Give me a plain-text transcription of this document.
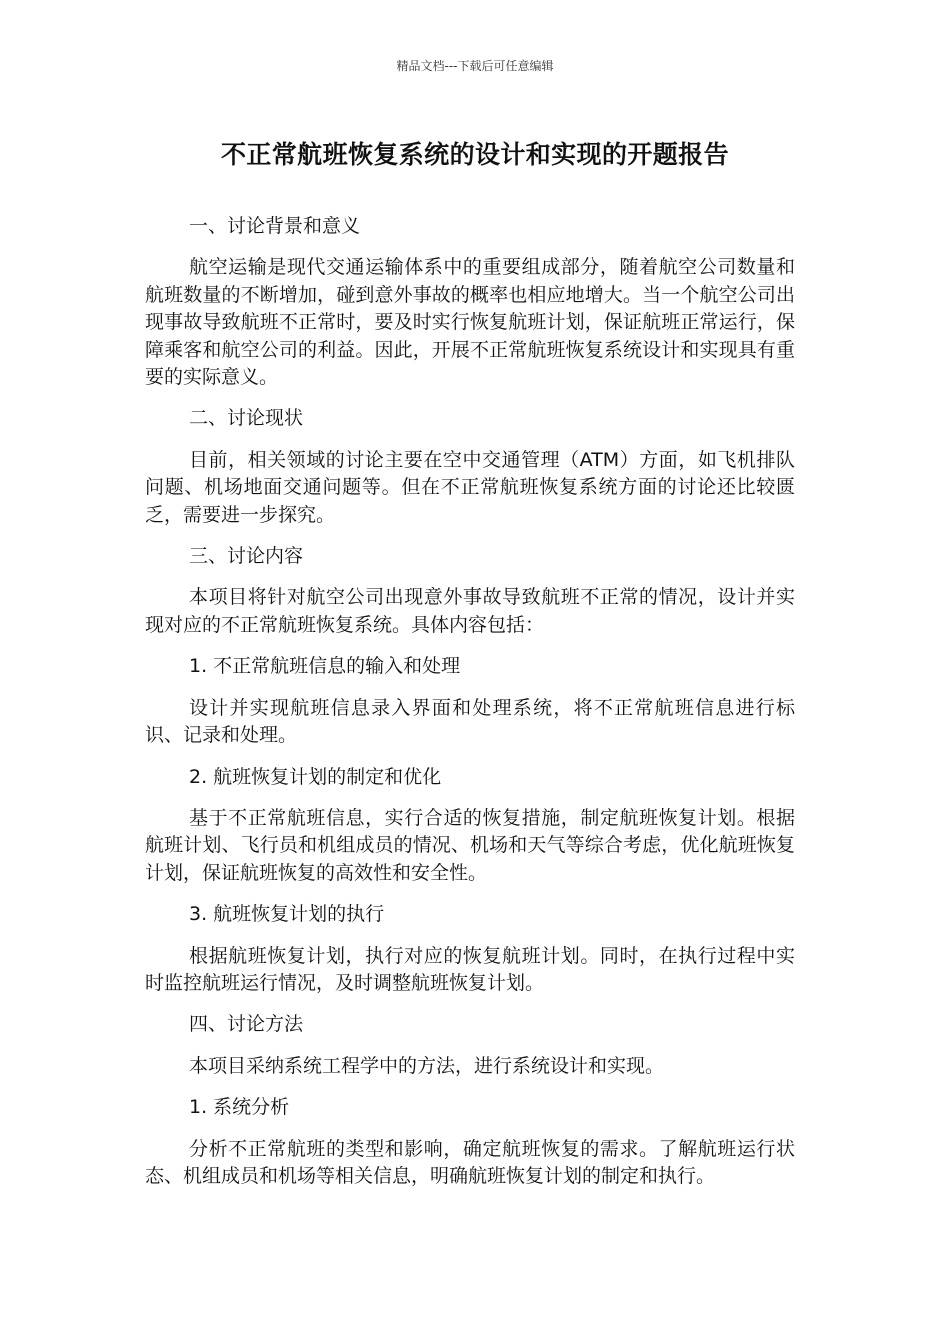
精品文档---下载后可任意编辑
不正常航班恢复系统的设计和实现的开题报告

一、讨论背景和意义

航空运输是现代交通运输体系中的重要组成部分，随着航空公司数量和航班数量的不断增加，碰到意外事故的概率也相应地增大。当一个航空公司出现事故导致航班不正常时，要及时实行恢复航班计划，保证航班正常运行，保障乘客和航空公司的利益。因此，开展不正常航班恢复系统设计和实现具有重要的实际意义。

二、讨论现状

目前，相关领域的讨论主要在空中交通管理（ATM）方面，如飞机排队问题、机场地面交通问题等。但在不正常航班恢复系统方面的讨论还比较匮乏，需要进一步探究。

三、讨论内容

本项目将针对航空公司出现意外事故导致航班不正常的情况，设计并实现对应的不正常航班恢复系统。具体内容包括：

1. 不正常航班信息的输入和处理

设计并实现航班信息录入界面和处理系统，将不正常航班信息进行标识、记录和处理。

2. 航班恢复计划的制定和优化

基于不正常航班信息，实行合适的恢复措施，制定航班恢复计划。根据航班计划、飞行员和机组成员的情况、机场和天气等综合考虑，优化航班恢复计划，保证航班恢复的高效性和安全性。

3. 航班恢复计划的执行

根据航班恢复计划，执行对应的恢复航班计划。同时，在执行过程中实时监控航班运行情况，及时调整航班恢复计划。

四、讨论方法

本项目采纳系统工程学中的方法，进行系统设计和实现。

1. 系统分析

分析不正常航班的类型和影响，确定航班恢复的需求。了解航班运行状态、机组成员和机场等相关信息，明确航班恢复计划的制定和执行。
